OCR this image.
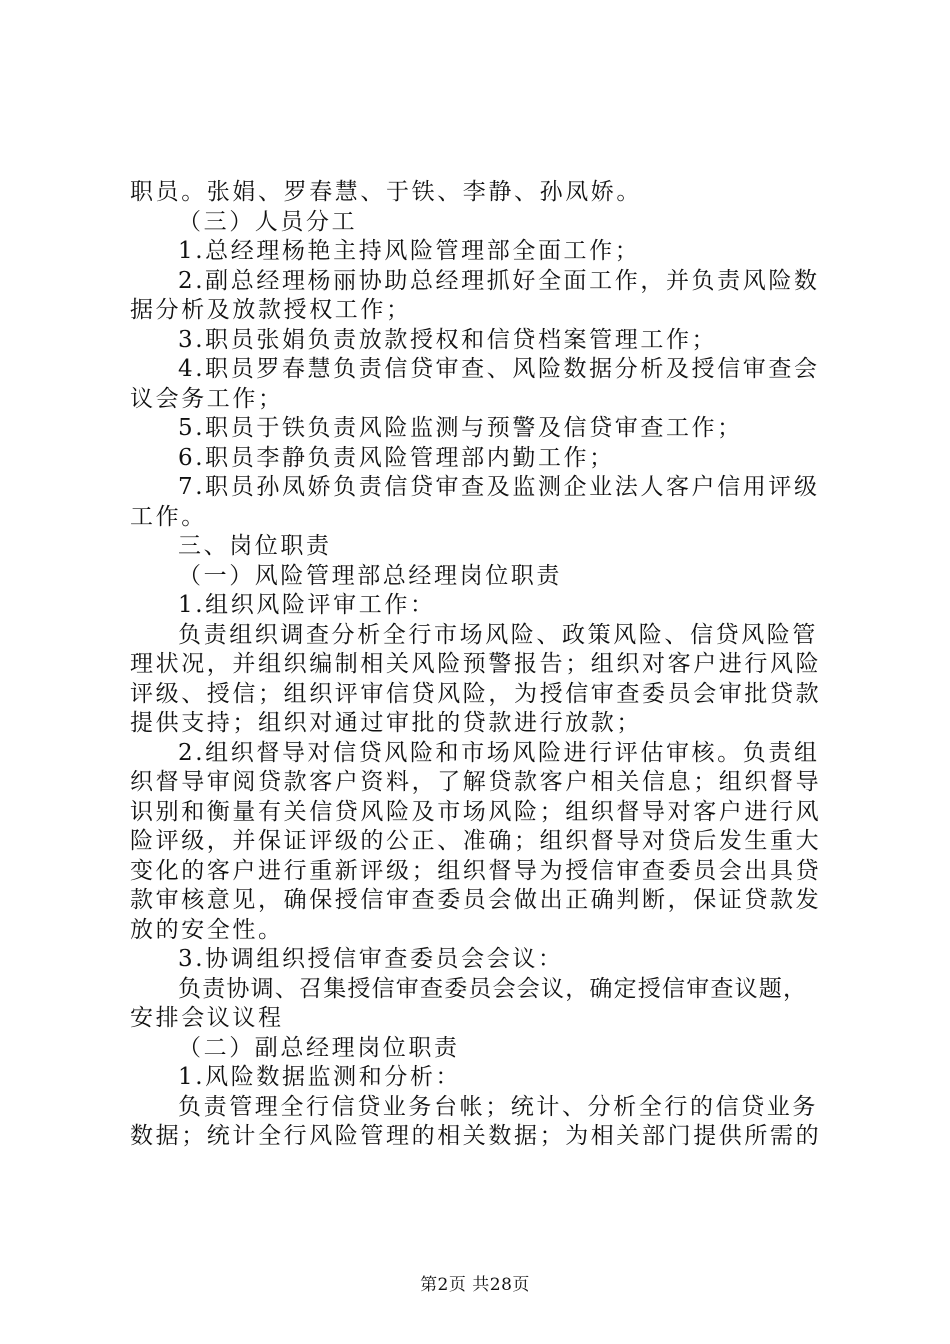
职员。张娟、罗春慧、于铁、李静、孙凤娇。
（三）人员分工
1.总经理杨艳主持风险管理部全面工作；
2.副总经理杨丽协助总经理抓好全面工作，并负责风险数
据分析及放款授权工作；
3.职员张娟负责放款授权和信贷档案管理工作；
4.职员罗春慧负责信贷审查、风险数据分析及授信审查会
议会务工作；
5.职员于铁负责风险监测与预警及信贷审查工作；
6.职员李静负责风险管理部内勤工作；
7.职员孙凤娇负责信贷审查及监测企业法人客户信用评级
工作。
三、岗位职责
（一）风险管理部总经理岗位职责
1.组织风险评审工作：
负责组织调查分析全行市场风险、政策风险、信贷风险管
理状况，并组织编制相关风险预警报告；组织对客户进行风险
评级、授信；组织评审信贷风险，为授信审查委员会审批贷款
提供支持；组织对通过审批的贷款进行放款；
2.组织督导对信贷风险和市场风险进行评估审核。负责组
织督导审阅贷款客户资料，了解贷款客户相关信息；组织督导
识别和衡量有关信贷风险及市场风险；组织督导对客户进行风
险评级，并保证评级的公正、准确；组织督导对贷后发生重大
变化的客户进行重新评级；组织督导为授信审查委员会出具贷
款审核意见，确保授信审查委员会做出正确判断，保证贷款发
放的安全性。
3.协调组织授信审查委员会会议：
负责协调、召集授信审查委员会会议，确定授信审查议题，
安排会议议程
（二）副总经理岗位职责
1.风险数据监测和分析：
负责管理全行信贷业务台帐；统计、分析全行的信贷业务
数据；统计全行风险管理的相关数据；为相关部门提供所需的
第2页 共28页
